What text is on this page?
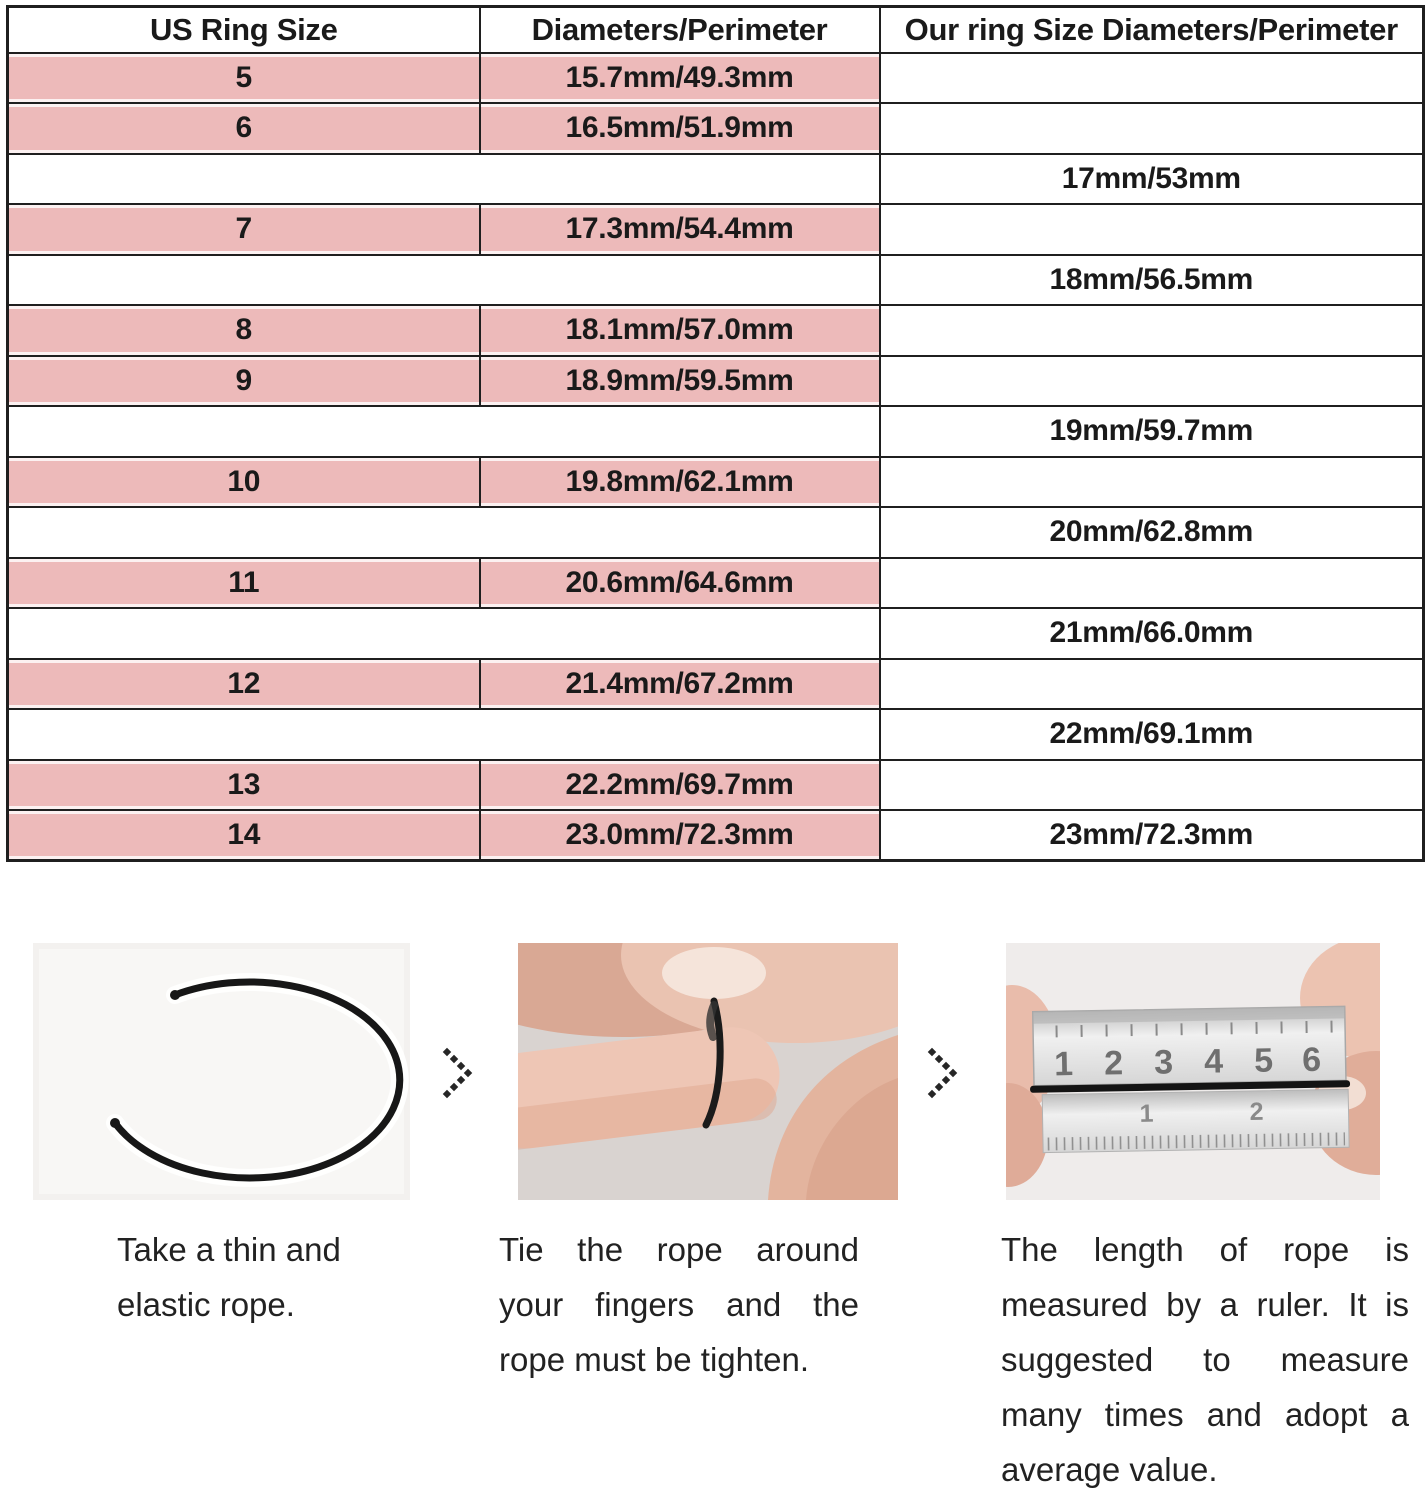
US Ring Size	Diameters/Perimeter	Our ring Size Diameters/Perimeter
5	15.7mm/49.3mm	
6	16.5mm/51.9mm	
		17mm/53mm
7	17.3mm/54.4mm	
		18mm/56.5mm
8	18.1mm/57.0mm	
9	18.9mm/59.5mm	
		19mm/59.7mm
10	19.8mm/62.1mm	
		20mm/62.8mm
11	20.6mm/64.6mm	
		21mm/66.0mm
12	21.4mm/67.2mm	
		22mm/69.1mm
13	22.2mm/69.7mm	
14	23.0mm/72.3mm	23mm/72.3mm
1 2 3 4 5 6
1	2
Take a thin and
elastic rope.
Tie the rope around
your fingers and the
rope must be tighten.
The length of rope is
measured by a ruler. It is
suggested to measure
many times and adopt a
average value.
